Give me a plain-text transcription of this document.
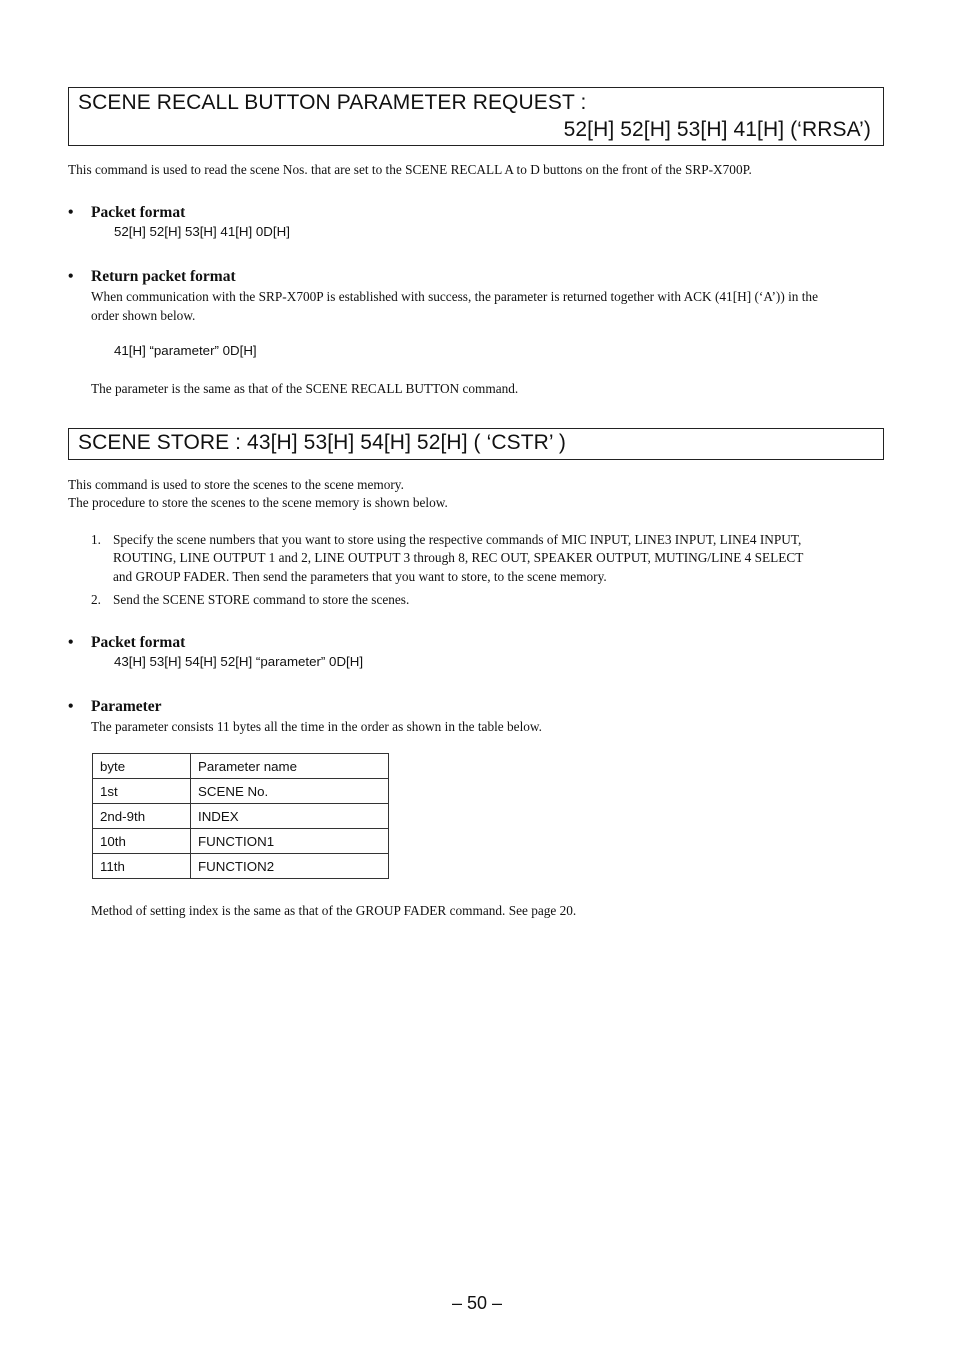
SCENE RECALL BUTTON PARAMETER REQUEST :
52[H] 52[H] 53[H] 41[H] (‘RRSA’)
This command is used to read the scene Nos. that are set to the SCENE RECALL A to D buttons on the front of the SRP-X700P.
• Packet format
52[H] 52[H] 53[H] 41[H] 0D[H]
• Return packet format
When communication with the SRP-X700P is established with success, the parameter is returned together with ACK (41[H] (‘A’)) in the
order shown below.
41[H] “parameter” 0D[H]
The parameter is the same as that of the SCENE RECALL BUTTON command.
SCENE STORE : 43[H] 53[H] 54[H] 52[H] ( ‘CSTR’ )
This command is used to store the scenes to the scene memory.
The procedure to store the scenes to the scene memory is shown below.
1. Specify the scene numbers that you want to store using the respective commands of MIC INPUT, LINE3 INPUT, LINE4 INPUT,
ROUTING, LINE OUTPUT 1 and 2, LINE OUTPUT 3 through 8, REC OUT, SPEAKER OUTPUT, MUTING/LINE 4 SELECT
and GROUP FADER. Then send the parameters that you want to store, to the scene memory.
2. Send the SCENE STORE command to store the scenes.
• Packet format
43[H] 53[H] 54[H] 52[H] “parameter” 0D[H]
• Parameter
The parameter consists 11 bytes all the time in the order as shown in the table below.
byte	Parameter name
1st	SCENE No.
2nd-9th	INDEX
10th	FUNCTION1
11th	FUNCTION2
Method of setting index is the same as that of the GROUP FADER command. See page 20.
– 50 –
